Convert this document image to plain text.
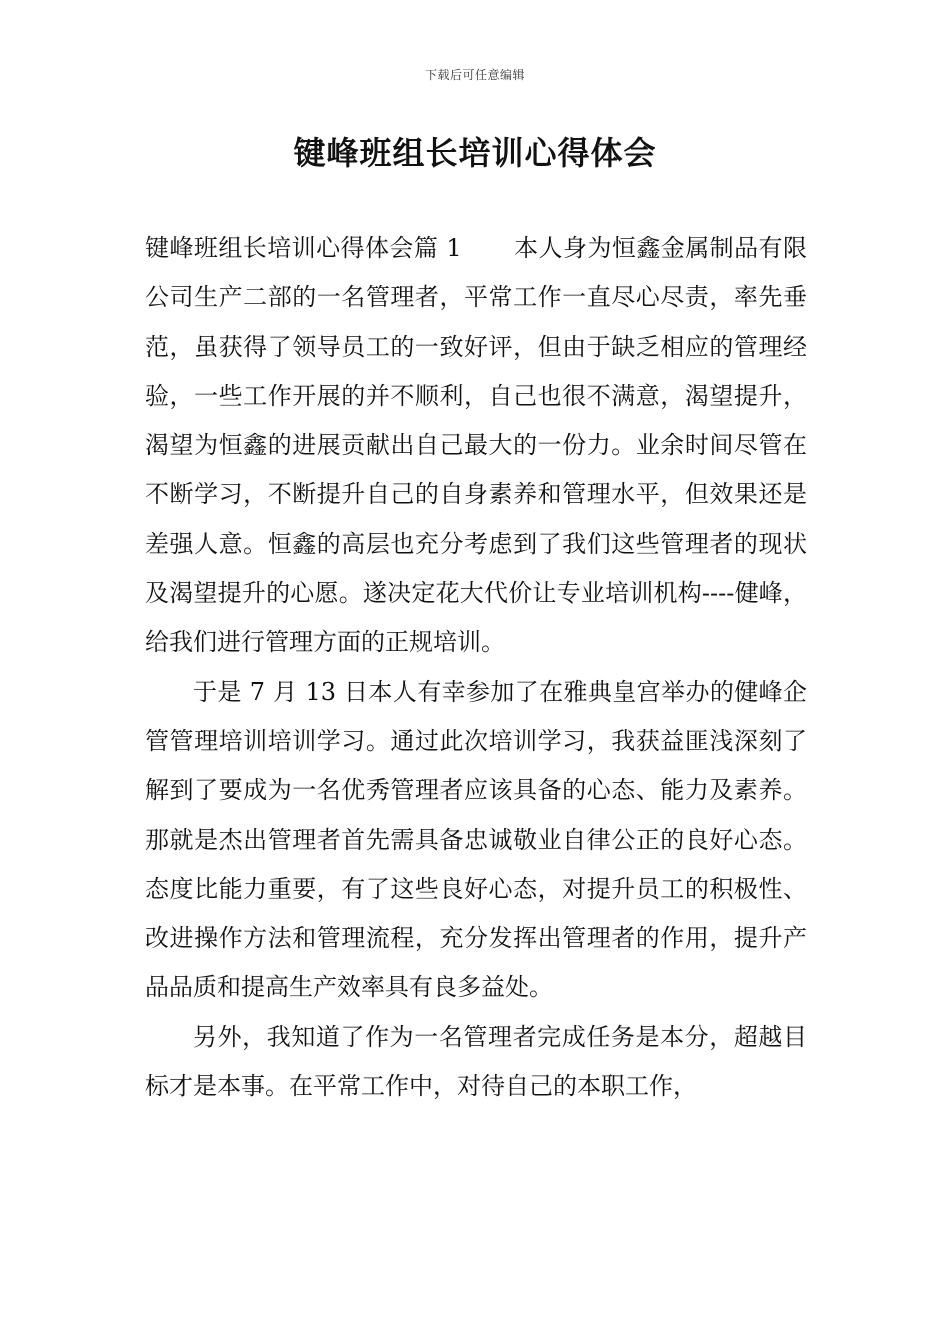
下载后可任意编辑
键峰班组长培训心得体会

键峰班组长培训心得体会篇 1 本人身为恒鑫金属制品有限公司生产二部的一名管理者，平常工作一直尽心尽责，率先垂范，虽获得了领导员工的一致好评，但由于缺乏相应的管理经验，一些工作开展的并不顺利，自己也很不满意，渴望提升，渴望为恒鑫的进展贡献出自己最大的一份力。业余时间尽管在不断学习，不断提升自己的自身素养和管理水平，但效果还是差强人意。恒鑫的高层也充分考虑到了我们这些管理者的现状及渴望提升的心愿。遂决定花大代价让专业培训机构----健峰，给我们进行管理方面的正规培训。

于是 7 月 13 日本人有幸参加了在雅典皇宫举办的健峰企管管理培训培训学习。通过此次培训学习，我获益匪浅深刻了解到了要成为一名优秀管理者应该具备的心态、能力及素养。那就是杰出管理者首先需具备忠诚敬业自律公正的良好心态。态度比能力重要，有了这些良好心态，对提升员工的积极性、改进操作方法和管理流程，充分发挥出管理者的作用，提升产品品质和提高生产效率具有良多益处。

另外，我知道了作为一名管理者完成任务是本分，超越目标才是本事。在平常工作中，对待自己的本职工作，
